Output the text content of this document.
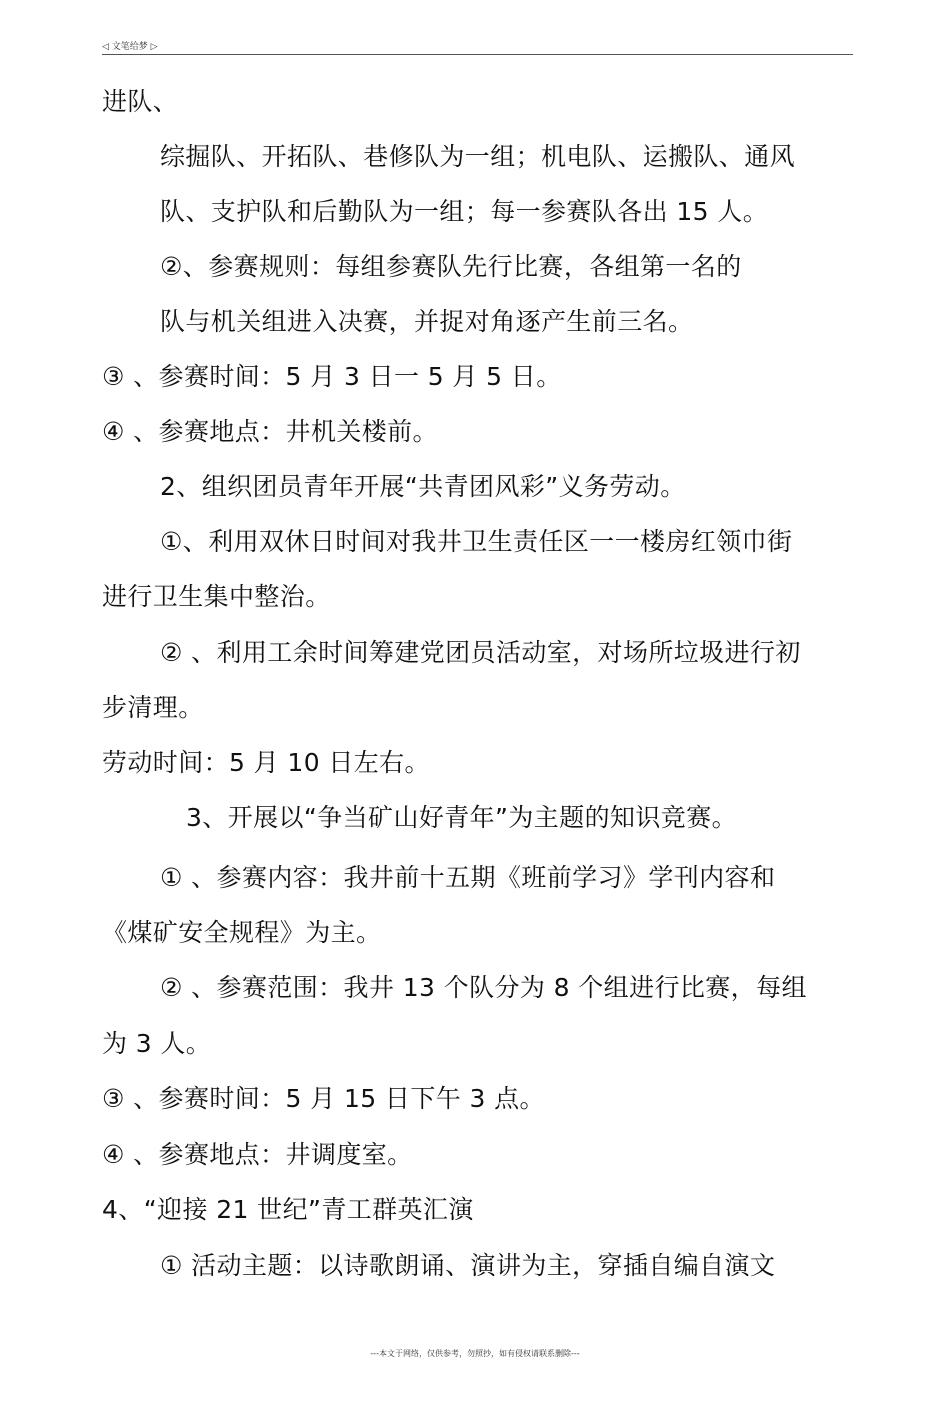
◁ 文笔给梦 ▷
进队、
综掘队、开拓队、巷修队为一组；机电队、运搬队、通风
队、支护队和后勤队为一组；每一参赛队各出 15 人。
②、参赛规则：每组参赛队先行比赛，各组第一名的
队与机关组进入决赛，并捉对角逐产生前三名。
③ 、参赛时间：5 月 3 日一 5 月 5 日。
④ 、参赛地点：井机关楼前。
2、组织团员青年开展“共青团风彩”义务劳动。
①、利用双休日时间对我井卫生责任区一一楼房红领巾街
进行卫生集中整治。
② 、利用工余时间筹建党团员活动室，对场所垃圾进行初
步清理。
劳动时间：5 月 10 日左右。
3、开展以“争当矿山好青年”为主题的知识竞赛。
① 、参赛内容：我井前十五期《班前学习》学刊内容和
《煤矿安全规程》为主。
② 、参赛范围：我井 13 个队分为 8 个组进行比赛，每组
为 3 人。
③ 、参赛时间：5 月 15 日下午 3 点。
④ 、参赛地点：井调度室。
4、“迎接 21 世纪”青工群英汇演
① 活动主题：以诗歌朗诵、演讲为主，穿插自编自演文
---本文于网络，仅供参考，勿照抄，如有侵权请联系删除---
